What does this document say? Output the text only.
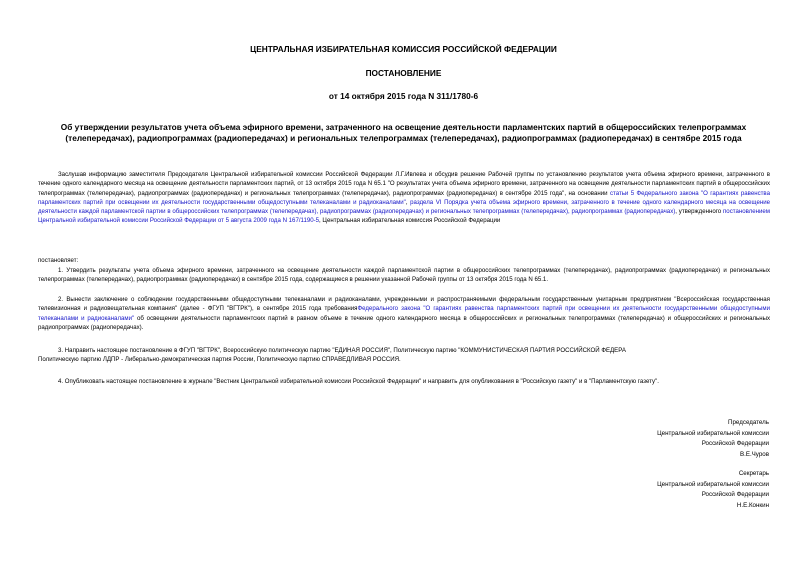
ЦЕНТРАЛЬНАЯ ИЗБИРАТЕЛЬНАЯ КОМИССИЯ РОССИЙСКОЙ ФЕДЕРАЦИИ
ПОСТАНОВЛЕНИЕ
от 14 октября 2015 года N 311/1780-6
Об утверждении результатов учета объема эфирного времени, затраченного на освещение деятельности парламентских партий в общероссийских телепрограммах (телепередачах), радиопрограммах (радиопередачах) и региональных телепрограммах (телепередачах), радиопрограммах (радиопередачах) в сентябре 2015 года
Заслушав информацию заместителя Председателя Центральной избирательной комиссии Российской Федерации Л.Г.Ивлева и обсудив решение Рабочей группы по установлению результатов учета объема эфирного времени, затраченного в течение одного календарного месяца на освещение деятельности парламентских партий, от 13 октября 2015 года N 65.1 "О результатах учета объема эфирного времени, затраченного на освещение деятельности парламентских партий в общероссийских телепрограммах (телепередачах), радиопрограммах (радиопередачах) и региональных телепрограммах (телепередачах), радиопрограммах (радиопередачах) в сентябре 2015 года", на основании статьи 5 Федерального закона "О гарантиях равенства парламентских партий при освещении их деятельности государственными общедоступными телеканалами и радиоканалами", раздела VI Порядка учета объема эфирного времени, затраченного в течение одного календарного месяца на освещение деятельности каждой парламентской партии в общероссийских телепрограммах (телепередачах), радиопрограммах (радиопередачах) и региональных телепрограммах (телепередачах), радиопрограммах (радиопередачах), утвержденного постановлением Центральной избирательной комиссии Российской Федерации от 5 августа 2009 года N 167/1190-5, Центральная избирательная комиссия Российской Федерации
постановляет:
1. Утвердить результаты учета объема эфирного времени, затраченного на освещение деятельности каждой парламентской партии в общероссийских телепрограммах (телепередачах), радиопрограммах (радиопередачах) и региональных телепрограммах (телепередачах), радиопрограммах (радиопередачах) в сентябре 2015 года, содержащиеся в решении указанной Рабочей группы от 13 октября 2015 года N 65.1.
2. Вынести заключение о соблюдении государственными общедоступными телеканалами и радиоканалами, учрежденными и распространяемыми федеральным государственным унитарным предприятием "Всероссийская государственная телевизионная и радиовещательная компания" (далее - ФГУП "ВГТРК"), в сентябре 2015 года требованияФедерального закона "О гарантиях равенства парламентских партий при освещении их деятельности государственными общедоступными телеканалами и радиоканалами" об освещении деятельности парламентских партий в равном объеме в течение одного календарного месяца в общероссийских и региональных телепрограммах (телепередачах) и общероссийских и региональных радиопрограммах (радиопередачах).
3. Направить настоящее постановление в ФГУП "ВГТРК", Всероссийскую политическую партию "ЕДИНАЯ РОССИЯ", Политическую партию "КОММУНИСТИЧЕСКАЯ ПАРТИЯ РОССИЙСКОЙ ФЕДЕРА
Политическую партию ЛДПР - Либерально-демократическая партия России, Политическую партию СПРАВЕДЛИВАЯ РОССИЯ.
4. Опубликовать настоящее постановление в журнале "Вестник Центральной избирательной комиссии Российской Федерации" и направить для опубликования в "Российскую газету" и в "Парламентскую газету".
Председатель
Центральной избирательной комиссии
Российской Федерации
В.Е.Чуров
Секретарь
Центральной избирательной комиссии
Российской Федерации
Н.Е.Конкин
